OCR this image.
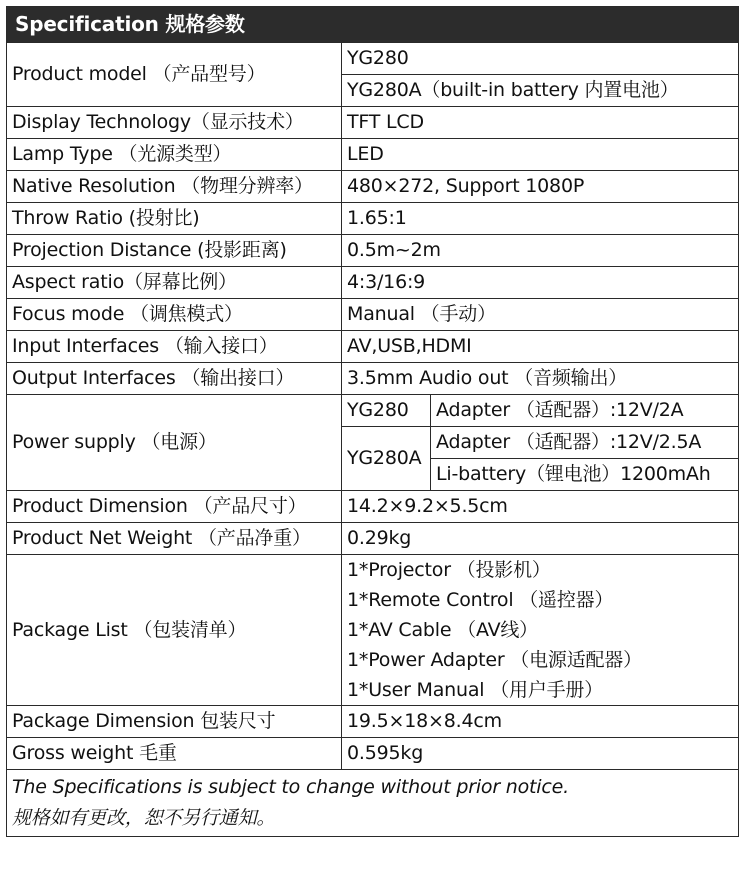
Specification 规格参数		
Product model （产品型号）	YG280	
	YG280A（built-in battery 内置电池）	
Display Technology（显示技术）	TFT LCD	
Lamp Type （光源类型）	LED	
Native Resolution （物理分辨率）	480×272, Support 1080P	
Throw Ratio (投射比)	1.65:1	
Projection Distance (投影距离)	0.5m~2m	
Aspect ratio（屏幕比例）	4:3/16:9	
Focus mode （调焦模式）	Manual （手动）	
Input Interfaces （输入接口）	AV,USB,HDMI	
Output Interfaces （输出接口）	3.5mm Audio out （音频输出）	
Power supply （电源）	YG280	Adapter （适配器）:12V/2A
	YG280A	Adapter （适配器）:12V/2.5A
		Li-battery（锂电池）1200mAh
Product Dimension （产品尺寸）	14.2×9.2×5.5cm	
Product Net Weight （产品净重）	0.29kg	
Package List （包装清单）	1*Projector （投影机）
1*Remote Control （遥控器）
1*AV Cable （AV线）
1*Power Adapter （电源适配器）
1*User Manual （用户手册）	

Package Dimension 包装尺寸	19.5×18×8.4cm	
Gross weight 毛重	0.595kg	

The Specifications is subject to change without prior notice.
规格如有更改，恕不另行通知。		
